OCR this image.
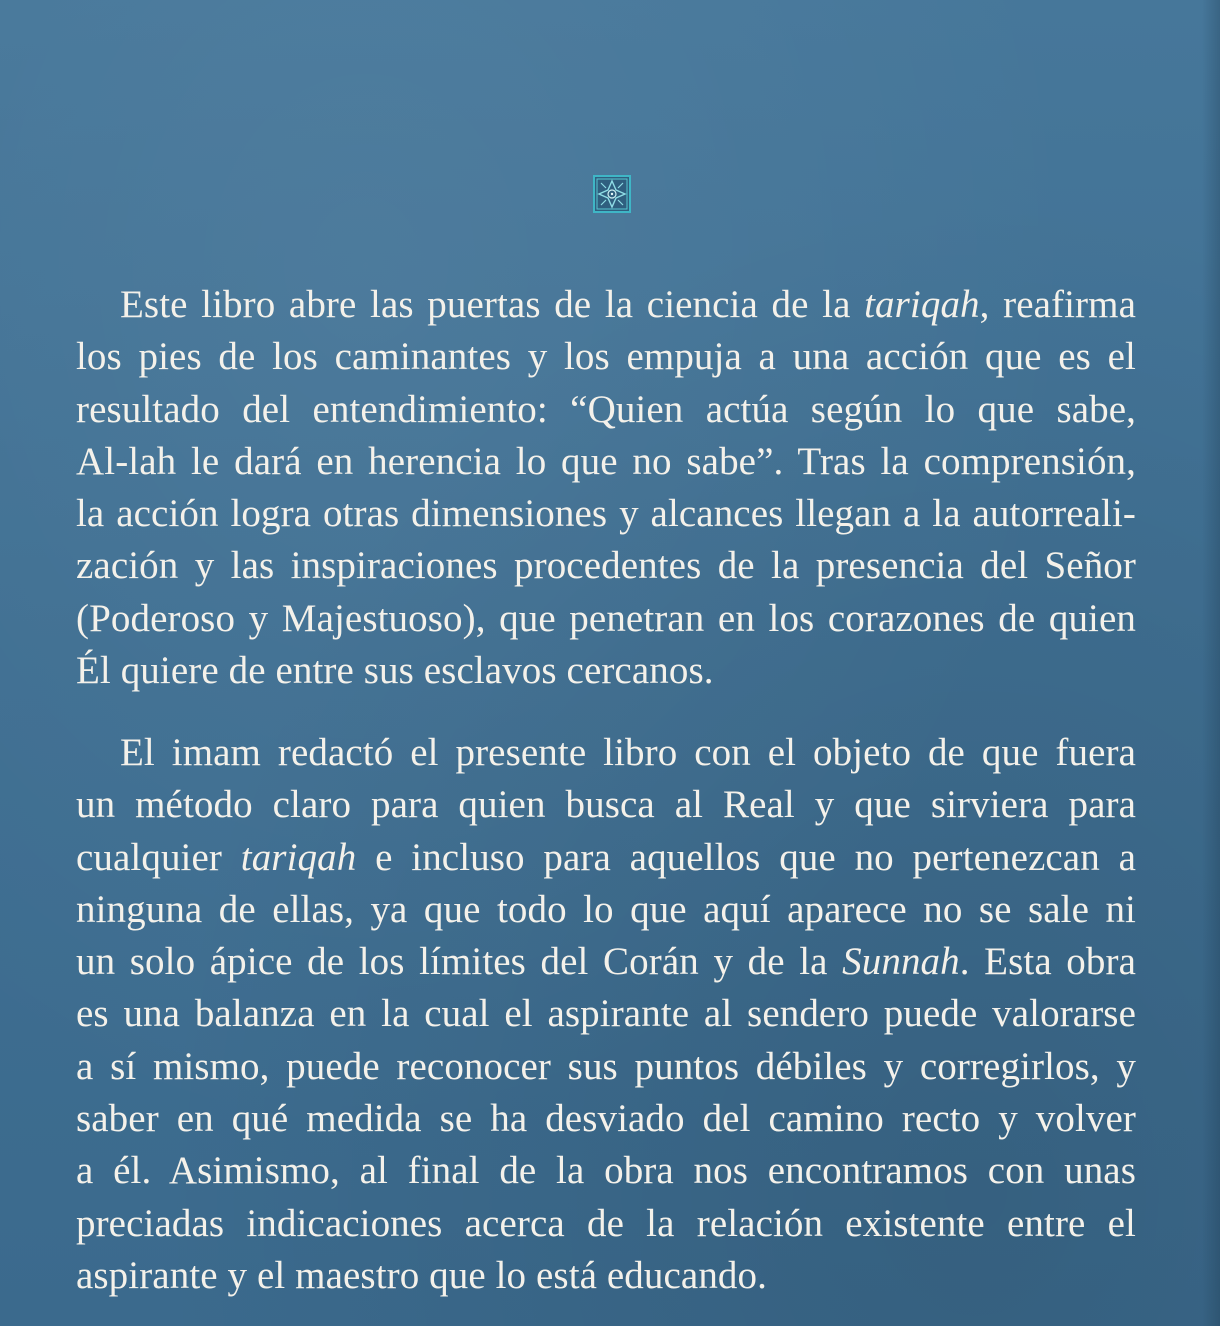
Este libro abre las puertas de la ciencia de la tariqah, reafirma
los pies de los caminantes y los empuja a una acción que es el
resultado del entendimiento: “Quien actúa según lo que sabe,
Al-lah le dará en herencia lo que no sabe”. Tras la comprensión,
la acción logra otras dimensiones y alcances llegan a la autorreali-
zación y las inspiraciones procedentes de la presencia del Señor
(Poderoso y Majestuoso), que penetran en los corazones de quien
Él quiere de entre sus esclavos cercanos.
El imam redactó el presente libro con el objeto de que fuera
un método claro para quien busca al Real y que sirviera para
cualquier tariqah e incluso para aquellos que no pertenezcan a
ninguna de ellas, ya que todo lo que aquí aparece no se sale ni
un solo ápice de los límites del Corán y de la Sunnah. Esta obra
es una balanza en la cual el aspirante al sendero puede valorarse
a sí mismo, puede reconocer sus puntos débiles y corregirlos, y
saber en qué medida se ha desviado del camino recto y volver
a él. Asimismo, al final de la obra nos encontramos con unas
preciadas indicaciones acerca de la relación existente entre el
aspirante y el maestro que lo está educando.
